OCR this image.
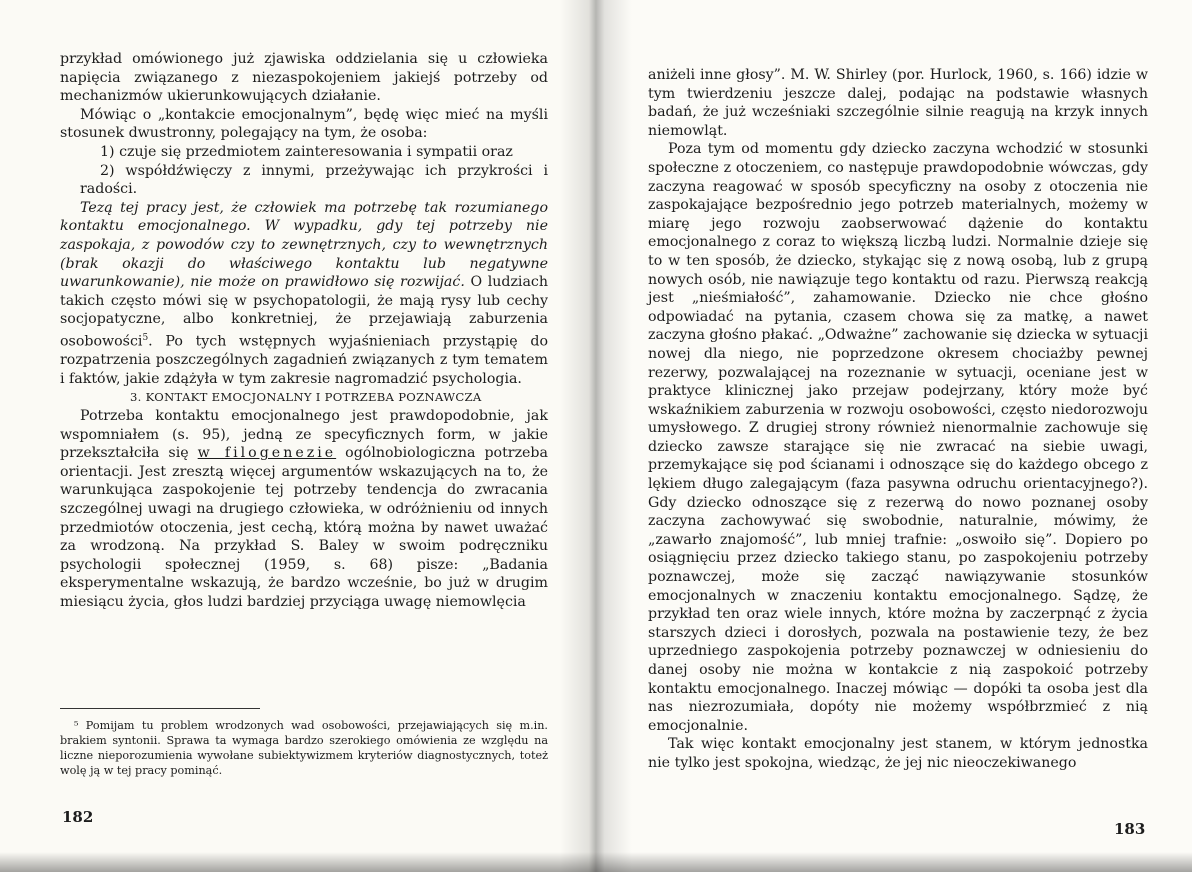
przykład omówionego już zjawiska oddzielania się u człowieka napięcia związanego z niezaspokojeniem jakiejś potrzeby od mechanizmów ukierunkowujących działanie.

Mówiąc o „kontakcie emocjonalnym”, będę więc mieć na myśli stosunek dwustronny, polegający na tym, że osoba:

1) czuje się przedmiotem zainteresowania i sympatii oraz

2) współdźwięczy z innymi, przeżywając ich przykrości i radości.

Tezą tej pracy jest, że człowiek ma potrzebę tak rozumianego kontaktu emocjonalnego. W wypadku, gdy tej potrzeby nie zaspokaja, z powodów czy to zewnętrznych, czy to wewnętrznych (brak okazji do właściwego kontaktu lub negatywne uwarunkowanie), nie może on prawidłowo się rozwijać. O ludziach takich często mówi się w psychopatologii, że mają rysy lub cechy socjopatyczne, albo konkretniej, że przejawiają zaburzenia osobowości$^5$. Po tych wstępnych wyjaśnieniach przystąpię do rozpatrzenia poszczególnych zagadnień związanych z tym tematem i faktów, jakie zdążyła w tym zakresie nagromadzić psychologia.

3. KONTAKT EMOCJONALNY I POTRZEBA POZNAWCZA

Potrzeba kontaktu emocjonalnego jest prawdopodobnie, jak wspomniałem (s. 95), jedną ze specyficznych form, w jakie przekształciła się w filogenezie ogólnobiologiczna potrzeba orientacji. Jest zresztą więcej argumentów wskazujących na to, że warunkująca zaspokojenie tej potrzeby tendencja do zwracania szczególnej uwagi na drugiego człowieka, w odróżnieniu od innych przedmiotów otoczenia, jest cechą, którą można by nawet uważać za wrodzoną. Na przykład S. Baley w swoim podręczniku psychologii społecznej (1959, s. 68) pisze: „Badania eksperymentalne wskazują, że bardzo wcześnie, bo już w drugim miesiącu życia, głos ludzi bardziej przyciąga uwagę niemowlęcia

⁵ Pomijam tu problem wrodzonych wad osobowości, przejawiających się m.in. brakiem syntonii. Sprawa ta wymaga bardzo szerokiego omówienia ze względu na liczne nieporozumienia wywołane subiektywizmem kryteriów diagnostycznych, toteż wolę ją w tej pracy pominąć.
182

aniżeli inne głosy”. M. W. Shirley (por. Hurlock, 1960, s. 166) idzie w tym twierdzeniu jeszcze dalej, podając na podstawie własnych badań, że już wcześniaki szczególnie silnie reagują na krzyk innych niemowląt.

Poza tym od momentu gdy dziecko zaczyna wchodzić w stosunki społeczne z otoczeniem, co następuje prawdopodobnie wówczas, gdy zaczyna reagować w sposób specyficzny na osoby z otoczenia nie zaspokajające bezpośrednio jego potrzeb materialnych, możemy w miarę jego rozwoju zaobserwować dążenie do kontaktu emocjonalnego z coraz to większą liczbą ludzi. Normalnie dzieje się to w ten sposób, że dziecko, stykając się z nową osobą, lub z grupą nowych osób, nie nawiązuje tego kontaktu od razu. Pierwszą reakcją jest „nieśmiałość”, zahamowanie. Dziecko nie chce głośno odpowiadać na pytania, czasem chowa się za matkę, a nawet zaczyna głośno płakać. „Odważne” zachowanie się dziecka w sytuacji nowej dla niego, nie poprzedzone okresem chociażby pewnej rezerwy, pozwalającej na rozeznanie w sytuacji, oceniane jest w praktyce klinicznej jako przejaw podejrzany, który może być wskaźnikiem zaburzenia w rozwoju osobowości, często niedorozwoju umysłowego. Z drugiej strony również nienormalnie zachowuje się dziecko zawsze starające się nie zwracać na siebie uwagi, przemykające się pod ścianami i odnoszące się do każdego obcego z lękiem długo zalegającym (faza pasywna odruchu orientacyjnego?). Gdy dziecko odnoszące się z rezerwą do nowo poznanej osoby zaczyna zachowywać się swobodnie, naturalnie, mówimy, że „zawarło znajomość”, lub mniej trafnie: „oswoiło się”. Dopiero po osiągnięciu przez dziecko takiego stanu, po zaspokojeniu potrzeby poznawczej, może się zacząć nawiązywanie stosunków emocjonalnych w znaczeniu kontaktu emocjonalnego. Sądzę, że przykład ten oraz wiele innych, które można by zaczerpnąć z życia starszych dzieci i dorosłych, pozwala na postawienie tezy, że bez uprzedniego zaspokojenia potrzeby poznawczej w odniesieniu do danej osoby nie można w kontakcie z nią zaspokoić potrzeby kontaktu emocjonalnego. Inaczej mówiąc — dopóki ta osoba jest dla nas niezrozumiała, dopóty nie możemy współbrzmieć z nią emocjonalnie.

Tak więc kontakt emocjonalny jest stanem, w którym jednostka nie tylko jest spokojna, wiedząc, że jej nic nieoczekiwanego

183
